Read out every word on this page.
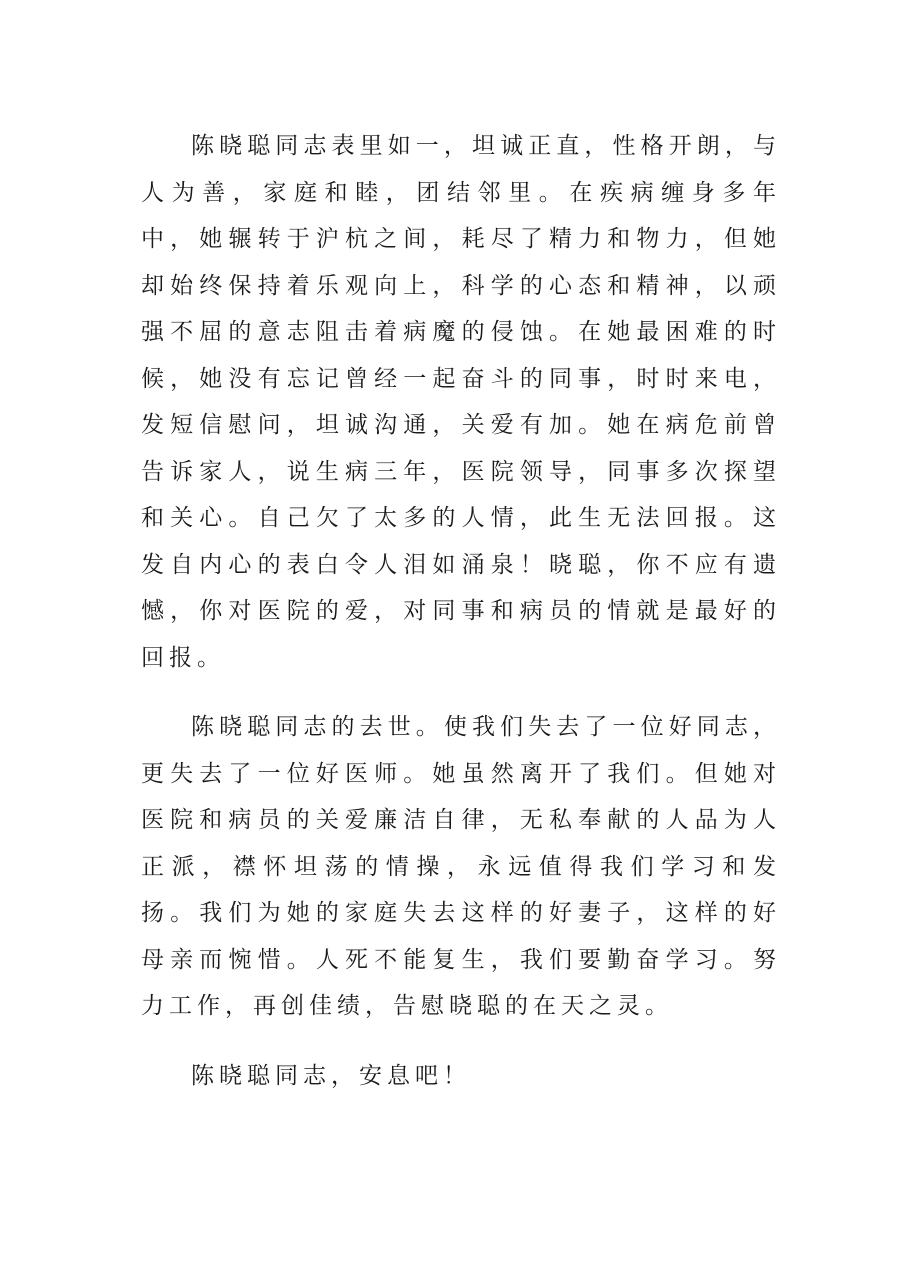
陈晓聪同志表里如一，坦诚正直，性格开朗，与人为善，家庭和睦，团结邻里。在疾病缠身多年中，她辗转于沪杭之间，耗尽了精力和物力，但她却始终保持着乐观向上，科学的心态和精神，以顽强不屈的意志阻击着病魔的侵蚀。在她最困难的时候，她没有忘记曾经一起奋斗的同事，时时来电，发短信慰问，坦诚沟通，关爱有加。她在病危前曾告诉家人，说生病三年，医院领导，同事多次探望和关心。自己欠了太多的人情，此生无法回报。这发自内心的表白令人泪如涌泉！晓聪，你不应有遗憾，你对医院的爱，对同事和病员的情就是最好的回报。

陈晓聪同志的去世。使我们失去了一位好同志，更失去了一位好医师。她虽然离开了我们。但她对医院和病员的关爱廉洁自律，无私奉献的人品为人正派，襟怀坦荡的情操，永远值得我们学习和发扬。我们为她的家庭失去这样的好妻子，这样的好母亲而惋惜。人死不能复生，我们要勤奋学习。努力工作，再创佳绩，告慰晓聪的在天之灵。

陈晓聪同志，安息吧！
